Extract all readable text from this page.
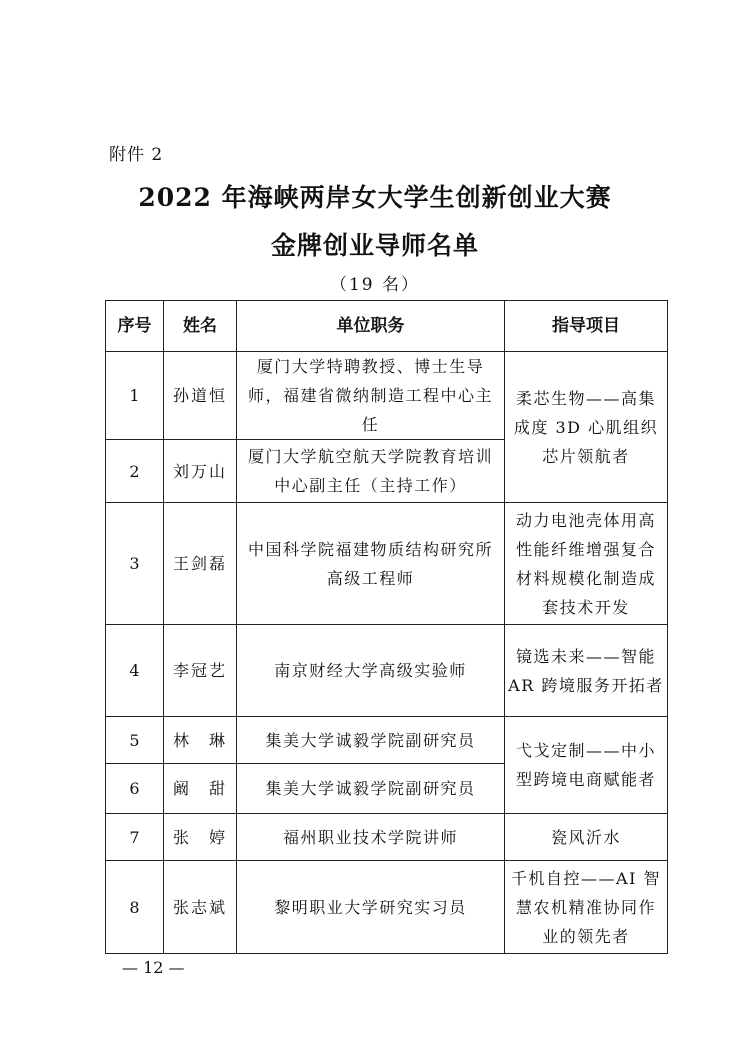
附件 2
2022 年海峡两岸女大学生创新创业大赛
金牌创业导师名单
（19 名）
序号	姓名	单位职务	指导项目
1	孙道恒	厦门大学特聘教授、博士生导师，福建省微纳制造工程中心主任	柔芯生物——高集成度 3D 心肌组织芯片领航者
2	刘万山	厦门大学航空航天学院教育培训中心副主任（主持工作）	
3	王剑磊	中国科学院福建物质结构研究所高级工程师	动力电池壳体用高性能纤维增强复合材料规模化制造成套技术开发
4	李冠艺	南京财经大学高级实验师	镜选未来——智能 AR 跨境服务开拓者
5	林　琳	集美大学诚毅学院副研究员	弋戈定制——中小型跨境电商赋能者
6	阚　甜	集美大学诚毅学院副研究员	
7	张　婷	福州职业技术学院讲师	瓷风沂水
8	张志斌	黎明职业大学研究实习员	千机自控——AI 智慧农机精准协同作业的领先者
— 12 —
